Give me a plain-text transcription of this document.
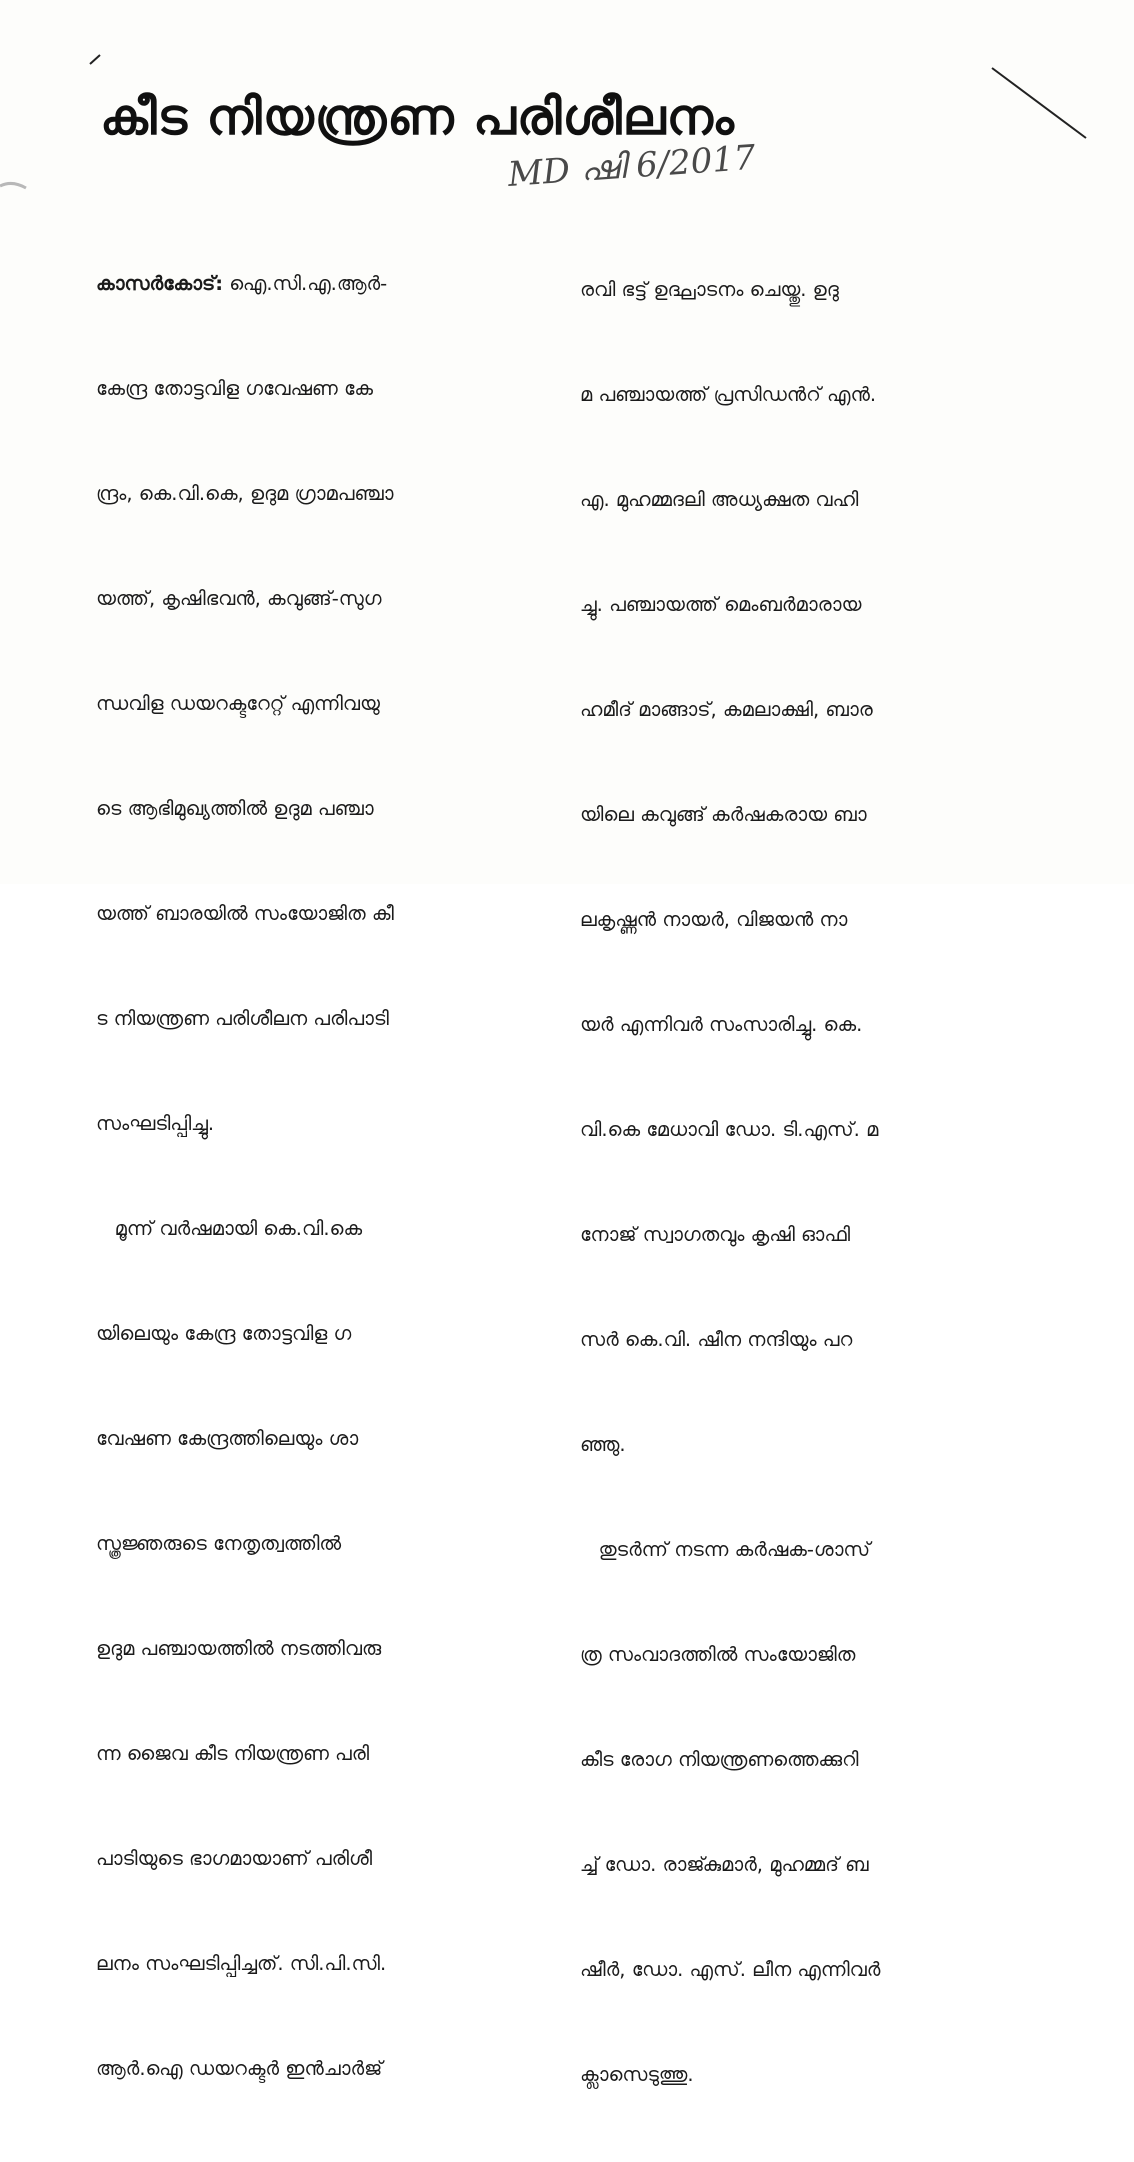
കീട നിയന്ത്രണ പരിശീലനം
MD ഷി 6/2017

കാസർകോട്: ഐ.സി.എ.ആർ-

കേന്ദ്ര തോട്ടവിള ഗവേഷണ കേ

ന്ദ്രം, കെ.വി.കെ, ഉദുമ ഗ്രാമപഞ്ചാ

യത്ത്, കൃഷിഭവൻ, കവുങ്ങ്-സുഗ

ന്ധവിള ഡയറക്ടറേറ്റ് എന്നിവയു

ടെ ആഭിമുഖ്യത്തിൽ ഉദുമ പഞ്ചാ

യത്ത് ബാരയിൽ സംയോജിത കീ

ട നിയന്ത്രണ പരിശീലന പരിപാടി

സംഘടിപ്പിച്ചു.

മൂന്ന് വർഷമായി കെ.വി.കെ

യിലെയും കേന്ദ്ര തോട്ടവിള ഗ

വേഷണ കേന്ദ്രത്തിലെയും ശാ

സ്ത്രജ്ഞരുടെ നേതൃത്വത്തിൽ

ഉദുമ പഞ്ചായത്തിൽ നടത്തിവരു

ന്ന ജൈവ കീട നിയന്ത്രണ പരി

പാടിയുടെ ഭാഗമായാണ് പരിശീ

ലനം സംഘടിപ്പിച്ചത്. സി.പി.സി.

ആർ.ഐ ഡയറക്ടർ ഇൻചാർജ്

രവി ഭട്ട് ഉദ്ഘാടനം ചെയ്തു. ഉദു

മ പഞ്ചായത്ത് പ്രസിഡൻറ് എൻ.

എ. മുഹമ്മദലി അധ്യക്ഷത വഹി

ച്ചു. പഞ്ചായത്ത് മെംബർമാരായ

ഹമീദ് മാങ്ങാട്, കമലാക്ഷി, ബാര

യിലെ കവുങ്ങ് കർഷകരായ ബാ

ലകൃഷ്ണൻ നായർ, വിജയൻ നാ

യർ എന്നിവർ സംസാരിച്ചു. കെ.

വി.കെ മേധാവി ഡോ. ടി.എസ്. മ

നോജ് സ്വാഗതവും കൃഷി ഓഫി

സർ കെ.വി. ഷീന നന്ദിയും പറ

ഞ്ഞു.

തുടർന്ന് നടന്ന കർഷക-ശാസ്

ത്ര സംവാദത്തിൽ സംയോജിത

കീട രോഗ നിയന്ത്രണത്തെക്കുറി

ച്ച് ഡോ. രാജ്കുമാർ, മുഹമ്മദ് ബ

ഷീർ, ഡോ. എസ്. ലീന എന്നിവർ

ക്ലാസെടുത്തു.
